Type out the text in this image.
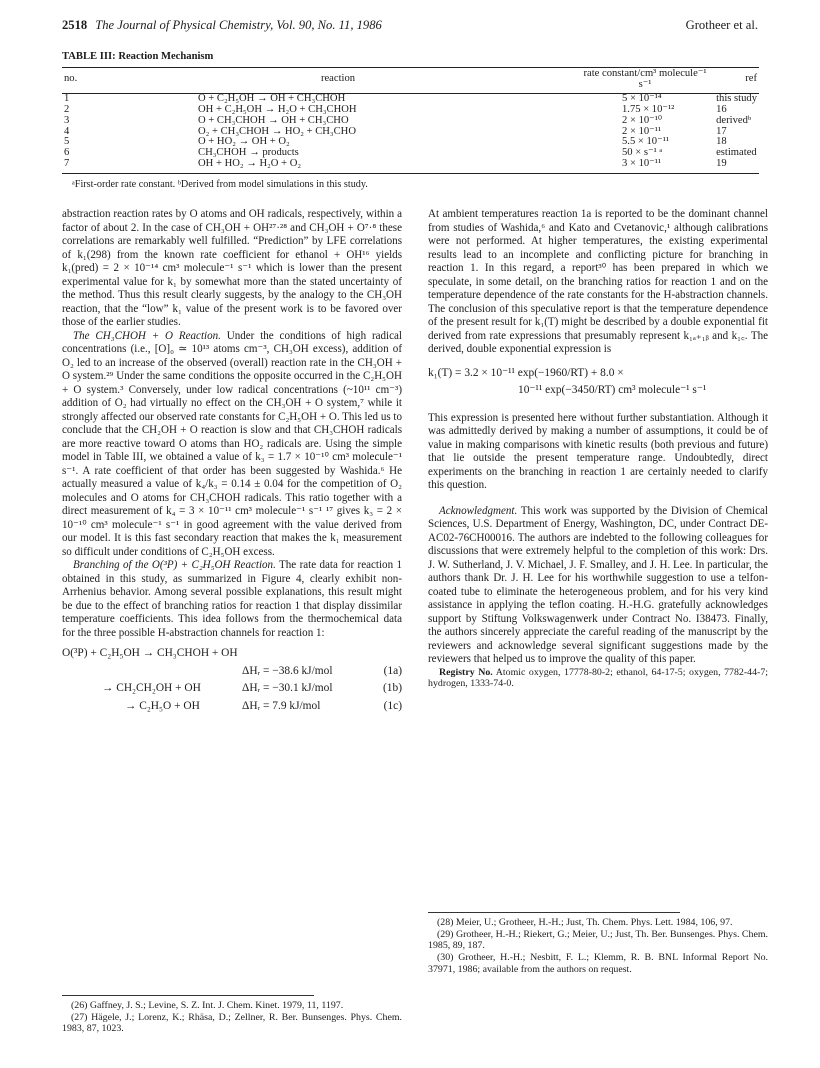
2518 The Journal of Physical Chemistry, Vol. 90, No. 11, 1986	Grotheer et al.
TABLE III: Reaction Mechanism
no.	reaction	rate constant/cm³ molecule⁻¹ s⁻¹	ref
1	O + C₂H₅OH → OH + CH₃CHOH	5 × 10⁻¹⁴	this study
2	OH + C₂H₅OH → H₂O + CH₃CHOH	1.75 × 10⁻¹²	16
3	O + CH₃CHOH → OH + CH₃CHO	2 × 10⁻¹⁰	derivedᵇ
4	O₂ + CH₃CHOH → HO₂ + CH₃CHO	2 × 10⁻¹¹	17
5	O + HO₂ → OH + O₂	5.5 × 10⁻¹¹	18
6	CH₃CHOH → products	50 × s⁻¹ ᵃ	estimated
7	OH + HO₂ → H₂O + O₂	3 × 10⁻¹¹	19
ᵃFirst-order rate constant. ᵇDerived from model simulations in this study.

abstraction reaction rates by O atoms and OH radicals, respectively, within a factor of about 2. In the case of CH₃OH + OH²⁷·²⁸ and CH₃OH + O⁷·⁸ these correlations are remarkably well fulfilled. “Prediction” by LFE correlations of k₁(298) from the known rate coefficient for ethanol + OH¹⁶ yields k₁(pred) = 2 × 10⁻¹⁴ cm³ molecule⁻¹ s⁻¹ which is lower than the present experimental value for k₁ by somewhat more than the stated uncertainty of the method. Thus this result clearly suggests, by the analogy to the CH₃OH reaction, that the “low” k₁ value of the present work is to be favored over those of the earlier studies.

The CH₃CHOH + O Reaction. Under the conditions of high radical concentrations (i.e., [O]₀ ≃ 10¹³ atoms cm⁻³, CH₃OH excess), addition of O₂ led to an increase of the observed (overall) reaction rate in the CH₃OH + O system.²⁹ Under the same conditions the opposite occurred in the C₂H₅OH + O system.³ Conversely, under low radical concentrations (~10¹¹ cm⁻³) addition of O₂ had virtually no effect on the CH₃OH + O system,⁷ while it strongly affected our observed rate constants for C₂H₅OH + O. This led us to conclude that the CH₂OH + O reaction is slow and that CH₃CHOH radicals are more reactive toward O atoms than HO₂ radicals are. Using the simple model in Table III, we obtained a value of k₃ = 1.7 × 10⁻¹⁰ cm³ molecule⁻¹ s⁻¹. A rate coefficient of that order has been suggested by Washida.⁶ He actually measured a value of k₄/k₃ = 0.14 ± 0.04 for the competition of O₂ molecules and O atoms for CH₃CHOH radicals. This ratio together with a direct measurement of k₄ = 3 × 10⁻¹¹ cm³ molecule⁻¹ s⁻¹ ¹⁷ gives k₃ = 2 × 10⁻¹⁰ cm³ molecule⁻¹ s⁻¹ in good agreement with the value derived from our model. It is this fast secondary reaction that makes the k₁ measurement so difficult under conditions of C₂H₅OH excess.

Branching of the O(³P) + C₂H₅OH Reaction. The rate data for reaction 1 obtained in this study, as summarized in Figure 4, clearly exhibit non-Arrhenius behavior. Among several possible explanations, this result might be due to the effect of branching ratios for reaction 1 that display dissimilar temperature coefficients. This idea follows from the thermochemical data for the three possible H-abstraction channels for reaction 1:

O(³P) + C₂H₅OH → CH₃CHOH + OH
ΔHᵣ = −38.6 kJ/mol	(1a)
→ CH₂CH₂OH + OH	ΔHᵣ = −30.1 kJ/mol	(1b)
→ C₂H₅O + OH	ΔHᵣ = 7.9 kJ/mol	(1c)

(26) Gaffney, J. S.; Levine, S. Z. Int. J. Chem. Kinet. 1979, 11, 1197.

(27) Hägele, J.; Lorenz, K.; Rhäsa, D.; Zellner, R. Ber. Bunsenges. Phys. Chem. 1983, 87, 1023.

At ambient temperatures reaction 1a is reported to be the dominant channel from studies of Washida,⁶ and Kato and Cvetanovic,¹ although calibrations were not performed. At higher temperatures, the existing experimental results lead to an incomplete and conflicting picture for branching in reaction 1. In this regard, a report³⁰ has been prepared in which we speculate, in some detail, on the branching ratios for reaction 1 and on the temperature dependence of the rate constants for the H-abstraction channels. The conclusion of this speculative report is that the temperature dependence of the present result for k₁(T) might be described by a double exponential fit derived from rate expressions that presumably represent k₁ₐ₊₁ᵦ and k₁꜀. The derived, double exponential expression is

k₁(T) = 3.2 × 10⁻¹¹ exp(−1960/RT) + 8.0 ×
10⁻¹¹ exp(−3450/RT) cm³ molecule⁻¹ s⁻¹

This expression is presented here without further substantiation. Although it was admittedly derived by making a number of assumptions, it could be of value in making comparisons with kinetic results (both previous and future) that lie outside the present temperature range. Undoubtedly, direct experiments on the branching in reaction 1 are certainly needed to clarify this question.

Acknowledgment. This work was supported by the Division of Chemical Sciences, U.S. Department of Energy, Washington, DC, under Contract DE-AC02-76CH00016. The authors are indebted to the following colleagues for discussions that were extremely helpful to the completion of this work: Drs. J. W. Sutherland, J. V. Michael, J. F. Smalley, and J. H. Lee. In particular, the authors thank Dr. J. H. Lee for his worthwhile suggestion to use a telfon-coated tube to eliminate the heterogeneous problem, and for his very kind assistance in applying the teflon coating. H.-H.G. gratefully acknowledges support by Stiftung Volkswagenwerk under Contract No. I38473. Finally, the authors sincerely appreciate the careful reading of the manuscript by the reviewers and acknowledge several significant suggestions made by the reviewers that helped us to improve the quality of this paper.

Registry No. Atomic oxygen, 17778-80-2; ethanol, 64-17-5; oxygen, 7782-44-7; hydrogen, 1333-74-0.

(28) Meier, U.; Grotheer, H.-H.; Just, Th. Chem. Phys. Lett. 1984, 106, 97.

(29) Grotheer, H.-H.; Riekert, G.; Meier, U.; Just, Th. Ber. Bunsenges. Phys. Chem. 1985, 89, 187.

(30) Grotheer, H.-H.; Nesbitt, F. L.; Klemm, R. B. BNL Informal Report No. 37971, 1986; available from the authors on request.
